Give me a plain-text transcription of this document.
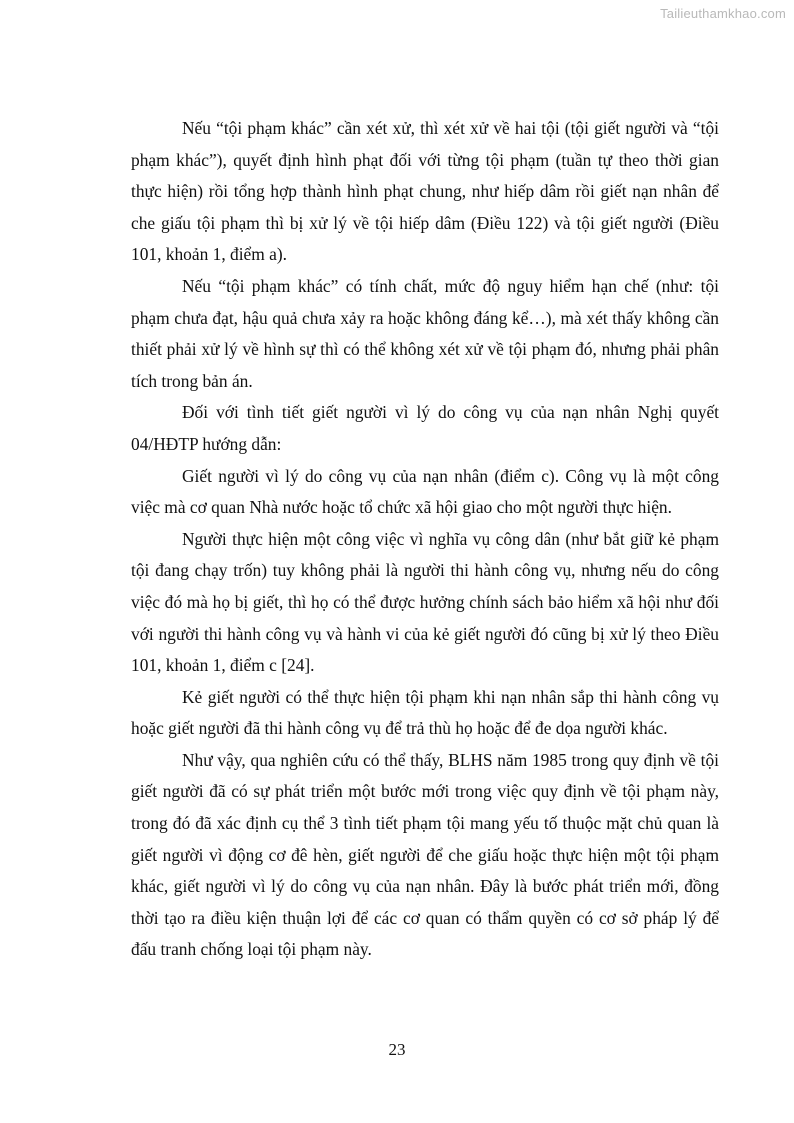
Tailieuthamkhao.com

Nếu “tội phạm khác” cần xét xử, thì xét xử về hai tội (tội giết người và “tội phạm khác”), quyết định hình phạt đối với từng tội phạm (tuần tự theo thời gian thực hiện) rồi tổng hợp thành hình phạt chung, như hiếp dâm rồi giết nạn nhân để che giấu tội phạm thì bị xử lý về tội hiếp dâm (Điều 122) và tội giết người (Điều 101, khoản 1, điểm a).

Nếu “tội phạm khác” có tính chất, mức độ nguy hiểm hạn chế (như: tội phạm chưa đạt, hậu quả chưa xảy ra hoặc không đáng kể…), mà xét thấy không cần thiết phải xử lý về hình sự thì có thể không xét xử về tội phạm đó, nhưng phải phân tích trong bản án.

Đối với tình tiết giết người vì lý do công vụ của nạn nhân Nghị quyết 04/HĐTP hướng dẫn:

Giết người vì lý do công vụ của nạn nhân (điểm c). Công vụ là một công việc mà cơ quan Nhà nước hoặc tổ chức xã hội giao cho một người thực hiện.

Người thực hiện một công việc vì nghĩa vụ công dân (như bắt giữ kẻ phạm tội đang chạy trốn) tuy không phải là người thi hành công vụ, nhưng nếu do công việc đó mà họ bị giết, thì họ có thể được hưởng chính sách bảo hiểm xã hội như đối với người thi hành công vụ và hành vi của kẻ giết người đó cũng bị xử lý theo Điều 101, khoản 1, điểm c [24].

Kẻ giết người có thể thực hiện tội phạm khi nạn nhân sắp thi hành công vụ hoặc giết người đã thi hành công vụ để trả thù họ hoặc để đe dọa người khác.

Như vậy, qua nghiên cứu có thể thấy, BLHS năm 1985 trong quy định về tội giết người đã có sự phát triển một bước mới trong việc quy định về tội phạm này, trong đó đã xác định cụ thể 3 tình tiết phạm tội mang yếu tố thuộc mặt chủ quan là giết người vì động cơ đê hèn, giết người để che giấu hoặc thực hiện một tội phạm khác, giết người vì lý do công vụ của nạn nhân. Đây là bước phát triển mới, đồng thời tạo ra điều kiện thuận lợi để các cơ quan có thẩm quyền có cơ sở pháp lý để đấu tranh chống loại tội phạm này.

23
